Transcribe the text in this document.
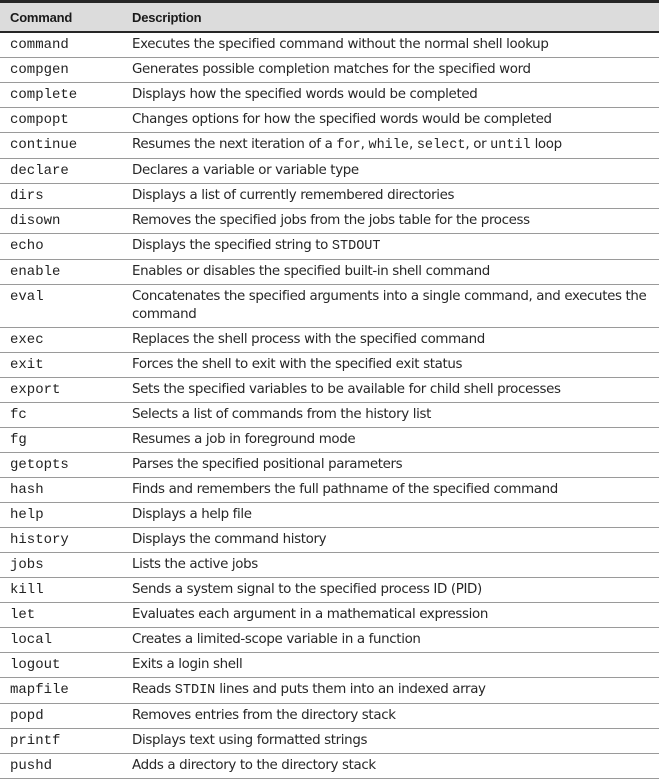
Command	Description
command	Executes the specified command without the normal shell lookup
compgen	Generates possible completion matches for the specified word
complete	Displays how the specified words would be completed
compopt	Changes options for how the specified words would be completed
continue	Resumes the next iteration of a for, while, select, or until loop
declare	Declares a variable or variable type
dirs	Displays a list of currently remembered directories
disown	Removes the specified jobs from the jobs table for the process
echo	Displays the specified string to STDOUT
enable	Enables or disables the specified built-in shell command
eval	Concatenates the specified arguments into a single command, and executes the command
exec	Replaces the shell process with the specified command
exit	Forces the shell to exit with the specified exit status
export	Sets the specified variables to be available for child shell processes
fc	Selects a list of commands from the history list
fg	Resumes a job in foreground mode
getopts	Parses the specified positional parameters
hash	Finds and remembers the full pathname of the specified command
help	Displays a help file
history	Displays the command history
jobs	Lists the active jobs
kill	Sends a system signal to the specified process ID (PID)
let	Evaluates each argument in a mathematical expression
local	Creates a limited-scope variable in a function
logout	Exits a login shell
mapfile	Reads STDIN lines and puts them into an indexed array
popd	Removes entries from the directory stack
printf	Displays text using formatted strings
pushd	Adds a directory to the directory stack
